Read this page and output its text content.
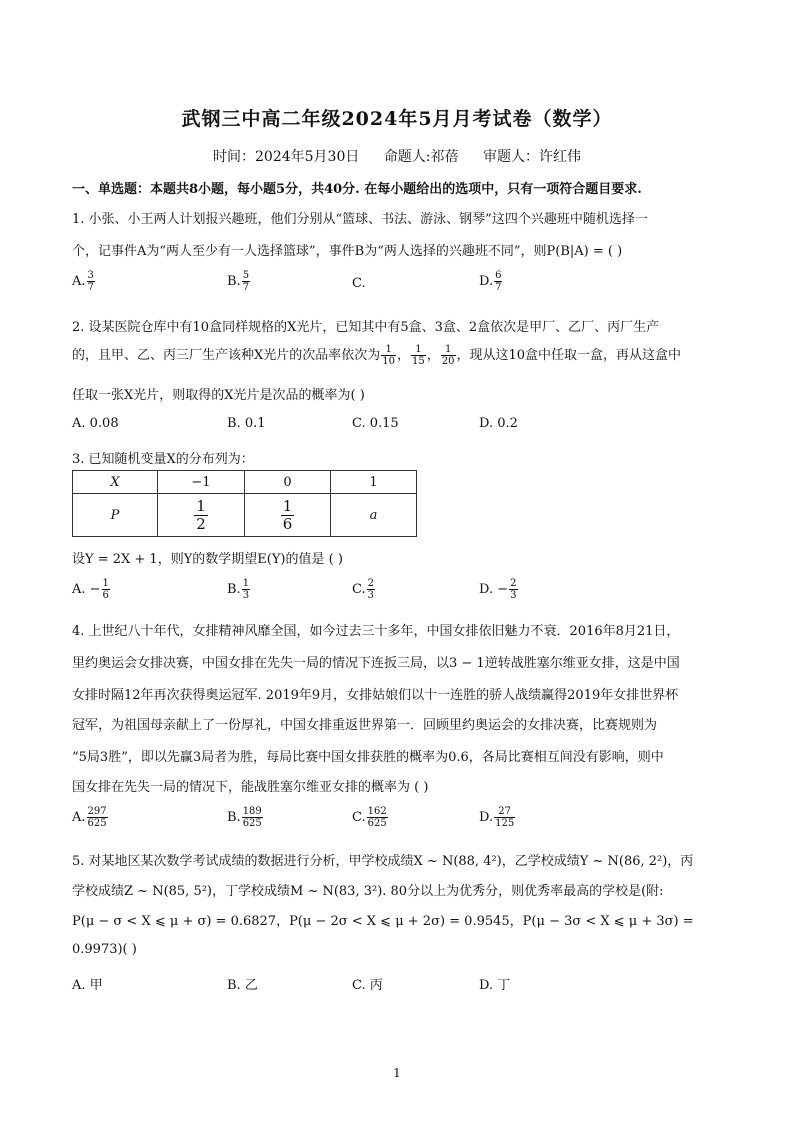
武钢三中高二年级2024年5月月考试卷（数学）
时间：2024年5月30日 命题人:祁蓓 审题人：许红伟
一、单选题：本题共8小题，每小题5分，共40分. 在每小题给出的选项中，只有一项符合题目要求.
1. 小张、小王两人计划报兴趣班，他们分别从“篮球、书法、游泳、钢琴”这四个兴趣班中随机选择一
个，记事件A为“两人至少有一人选择篮球”，事件B为“两人选择的兴趣班不同”，则P(B|A) = ( )
A. $\frac{3}{7}$	B. $\frac{5}{7}$	C.	D. $\frac{6}{7}$
2. 设某医院仓库中有10盒同样规格的X光片，已知其中有5盒、3盒、2盒依次是甲厂、乙厂、丙厂生产
的，且甲、乙、丙三厂生产该种X光片的次品率依次为 $\frac{1}{10}$ ， $\frac{1}{15}$ ， $\frac{1}{20}$ ，现从这10盒中任取一盒，再从这盒中
任取一张X光片，则取得的X光片是次品的概率为( )
A. 0.08	B. 0.1	C. 0.15	D. 0.2
3. 已知随机变量X的分布列为：
X	−1	0	1
P	$\frac{1}{2}$	$\frac{1}{6}$	a
设Y = 2X + 1，则Y的数学期望E(Y)的值是 ( )
A. − $\frac{1}{6}$	B. $\frac{1}{3}$	C. $\frac{2}{3}$	D. − $\frac{2}{3}$
4. 上世纪八十年代，女排精神风靡全国，如今过去三十多年，中国女排依旧魅力不衰．2016年8月21日，
里约奥运会女排决赛，中国女排在先失一局的情况下连扳三局，以3 − 1逆转战胜塞尔维亚女排，这是中国
女排时隔12年再次获得奥运冠军. 2019年9月，女排姑娘们以十一连胜的骄人战绩赢得2019年女排世界杯
冠军，为祖国母亲献上了一份厚礼，中国女排重返世界第一．回顾里约奥运会的女排决赛，比赛规则为
“5局3胜”，即以先赢3局者为胜，每局比赛中国女排获胜的概率为0.6，各局比赛相互间没有影响，则中
国女排在先失一局的情况下，能战胜塞尔维亚女排的概率为 ( )
A. $\frac{297}{625}$	B. $\frac{189}{625}$	C. $\frac{162}{625}$	D. $\frac{27}{125}$
5. 对某地区某次数学考试成绩的数据进行分析，甲学校成绩X ~ N(88, 4²)，乙学校成绩Y ~ N(86, 2²)，丙
学校成绩Z ~ N(85, 5²)，丁学校成绩M ~ N(83, 3²). 80分以上为优秀分，则优秀率最高的学校是(附:
P(μ − σ < X ⩽ μ + σ) = 0.6827，P(μ − 2σ < X ⩽ μ + 2σ) = 0.9545，P(μ − 3σ < X ⩽ μ + 3σ) =
0.9973)( )
A. 甲	B. 乙	C. 丙	D. 丁
1
